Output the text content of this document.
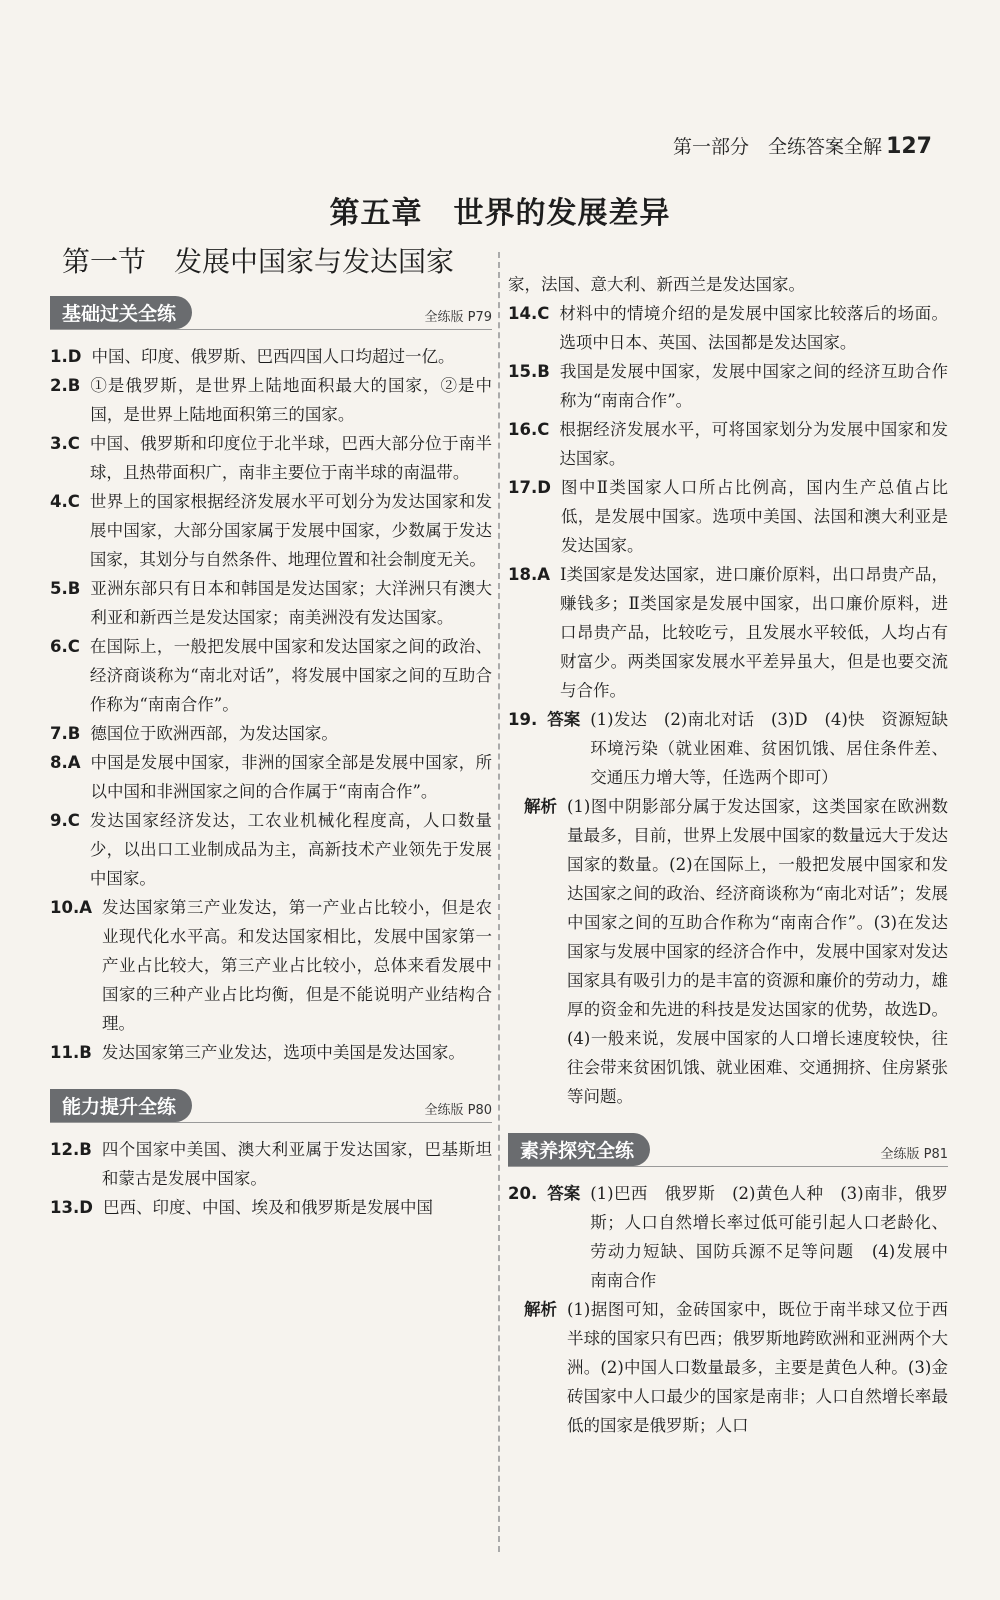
第一部分　全练答案全解 127
第五章　世界的发展差异
第一节　发展中国家与发达国家
基础过关全练	全练版 P79
1.D 中国、印度、俄罗斯、巴西四国人口均超过一亿。
2.B ①是俄罗斯，是世界上陆地面积最大的国家，②是中国，是世界上陆地面积第三的国家。
3.C 中国、俄罗斯和印度位于北半球，巴西大部分位于南半球，且热带面积广，南非主要位于南半球的南温带。
4.C 世界上的国家根据经济发展水平可划分为发达国家和发展中国家，大部分国家属于发展中国家，少数属于发达国家，其划分与自然条件、地理位置和社会制度无关。
5.B 亚洲东部只有日本和韩国是发达国家；大洋洲只有澳大利亚和新西兰是发达国家；南美洲没有发达国家。
6.C 在国际上，一般把发展中国家和发达国家之间的政治、经济商谈称为“南北对话”，将发展中国家之间的互助合作称为“南南合作”。
7.B 德国位于欧洲西部，为发达国家。
8.A 中国是发展中国家，非洲的国家全部是发展中国家，所以中国和非洲国家之间的合作属于“南南合作”。
9.C 发达国家经济发达，工农业机械化程度高，人口数量少，以出口工业制成品为主，高新技术产业领先于发展中国家。
10.A 发达国家第三产业发达，第一产业占比较小，但是农业现代化水平高。和发达国家相比，发展中国家第一产业占比较大，第三产业占比较小，总体来看发展中国家的三种产业占比均衡，但是不能说明产业结构合理。
11.B 发达国家第三产业发达，选项中美国是发达国家。
能力提升全练	全练版 P80
12.B 四个国家中美国、澳大利亚属于发达国家，巴基斯坦和蒙古是发展中国家。
13.D 巴西、印度、中国、埃及和俄罗斯是发展中国
家，法国、意大利、新西兰是发达国家。
14.C 材料中的情境介绍的是发展中国家比较落后的场面。选项中日本、英国、法国都是发达国家。
15.B 我国是发展中国家，发展中国家之间的经济互助合作称为“南南合作”。
16.C 根据经济发展水平，可将国家划分为发展中国家和发达国家。
17.D 图中Ⅱ类国家人口所占比例高，国内生产总值占比低，是发展中国家。选项中美国、法国和澳大利亚是发达国家。
18.A Ⅰ类国家是发达国家，进口廉价原料，出口昂贵产品，赚钱多；Ⅱ类国家是发展中国家，出口廉价原料，进口昂贵产品，比较吃亏，且发展水平较低，人均占有财富少。两类国家发展水平差异虽大，但是也要交流与合作。
19. 答案 (1)发达　(2)南北对话　(3)D　(4)快　资源短缺　环境污染（就业困难、贫困饥饿、居住条件差、交通压力增大等，任选两个即可）
解析 (1)图中阴影部分属于发达国家，这类国家在欧洲数量最多，目前，世界上发展中国家的数量远大于发达国家的数量。(2)在国际上，一般把发展中国家和发达国家之间的政治、经济商谈称为“南北对话”；发展中国家之间的互助合作称为“南南合作”。(3)在发达国家与发展中国家的经济合作中，发展中国家对发达国家具有吸引力的是丰富的资源和廉价的劳动力，雄厚的资金和先进的科技是发达国家的优势，故选D。(4)一般来说，发展中国家的人口增长速度较快，往往会带来贫困饥饿、就业困难、交通拥挤、住房紧张等问题。
素养探究全练	全练版 P81
20. 答案 (1)巴西　俄罗斯　(2)黄色人种　(3)南非，俄罗斯；人口自然增长率过低可能引起人口老龄化、劳动力短缺、国防兵源不足等问题　(4)发展中　南南合作
解析 (1)据图可知，金砖国家中，既位于南半球又位于西半球的国家只有巴西；俄罗斯地跨欧洲和亚洲两个大洲。(2)中国人口数量最多，主要是黄色人种。(3)金砖国家中人口最少的国家是南非；人口自然增长率最低的国家是俄罗斯；人口
